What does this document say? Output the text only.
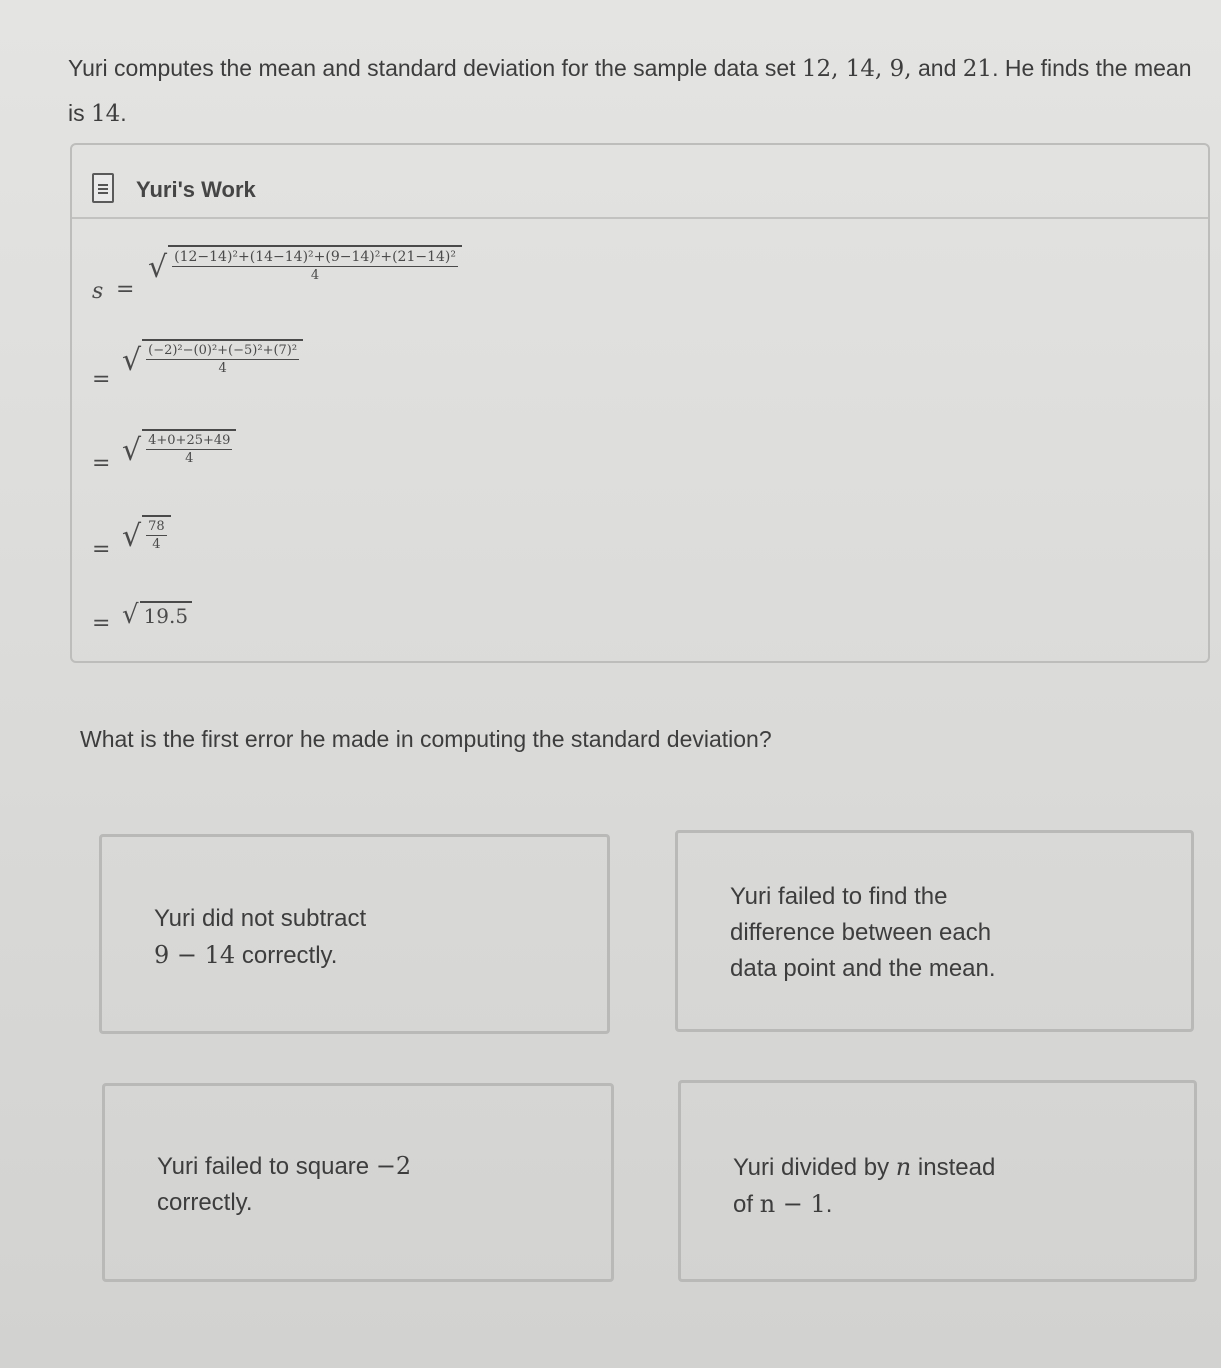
Yuri computes the mean and standard deviation for the sample data set 12, 14, 9, and 21. He finds the mean is 14.
Yuri's Work
s =
√ (12−14)²+(14−14)²+(9−14)²+(21−14)²
4
=
√ (−2)²−(0)²+(−5)²+(7)²
4
= √ 4+0+25+49
4
= √ 78
4
= √ 19.5
What is the first error he made in computing the standard deviation?
Yuri did not subtract
9 − 14 correctly.
Yuri failed to find the
difference between each
data point and the mean.
Yuri failed to square −2
correctly.
Yuri divided by n instead
of n − 1.
